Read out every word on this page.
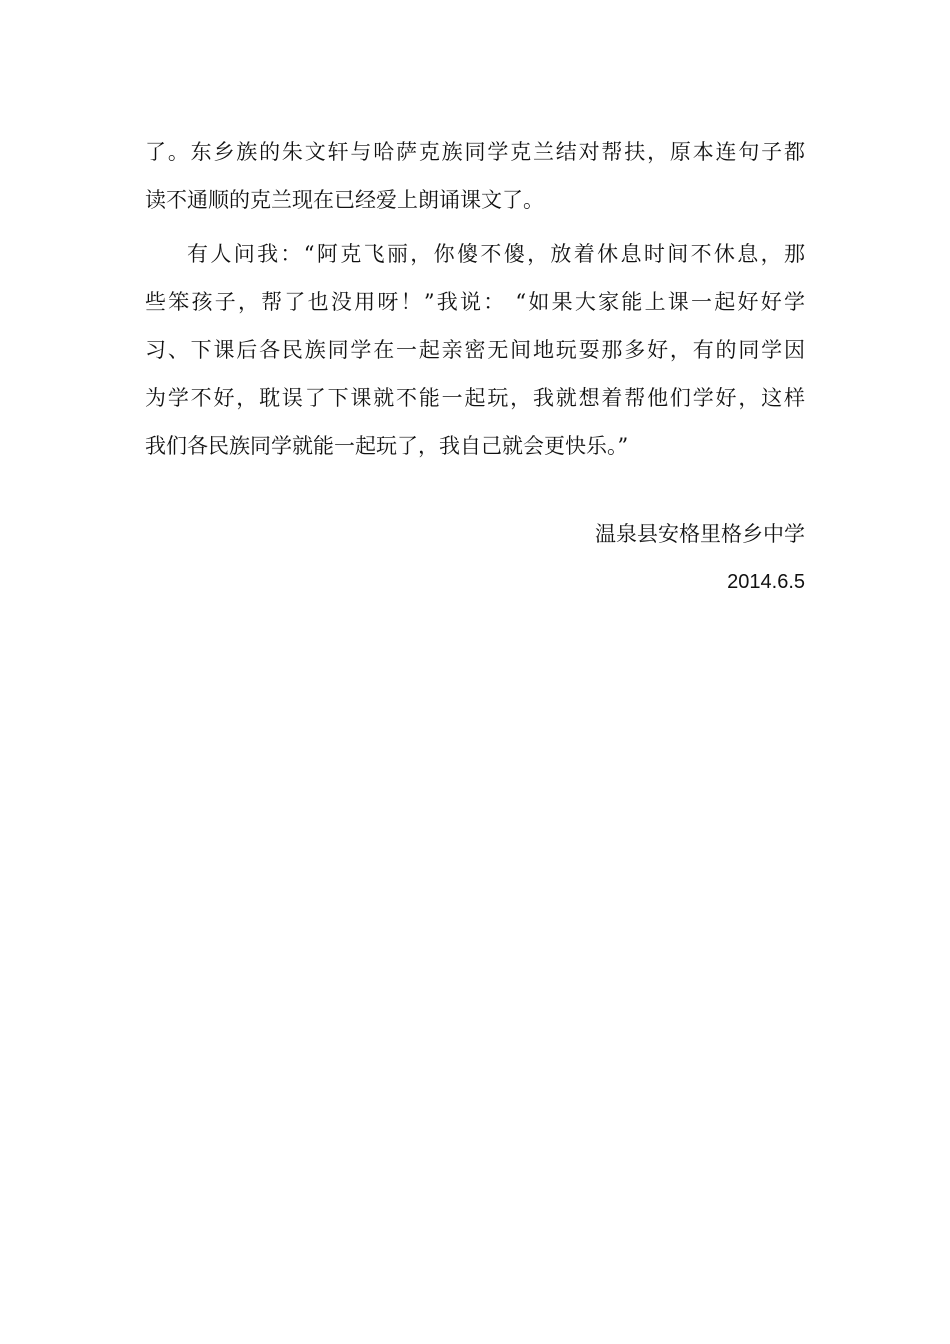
了。东乡族的朱文轩与哈萨克族同学克兰结对帮扶，原本连句子都
读不通顺的克兰现在已经爱上朗诵课文了。
有人问我：“阿克飞丽，你傻不傻，放着休息时间不休息，那
些笨孩子，帮了也没用呀！”我说： “如果大家能上课一起好好学
习、下课后各民族同学在一起亲密无间地玩耍那多好，有的同学因
为学不好，耽误了下课就不能一起玩，我就想着帮他们学好，这样
我们各民族同学就能一起玩了，我自己就会更快乐。”
温泉县安格里格乡中学
2014.6.5
